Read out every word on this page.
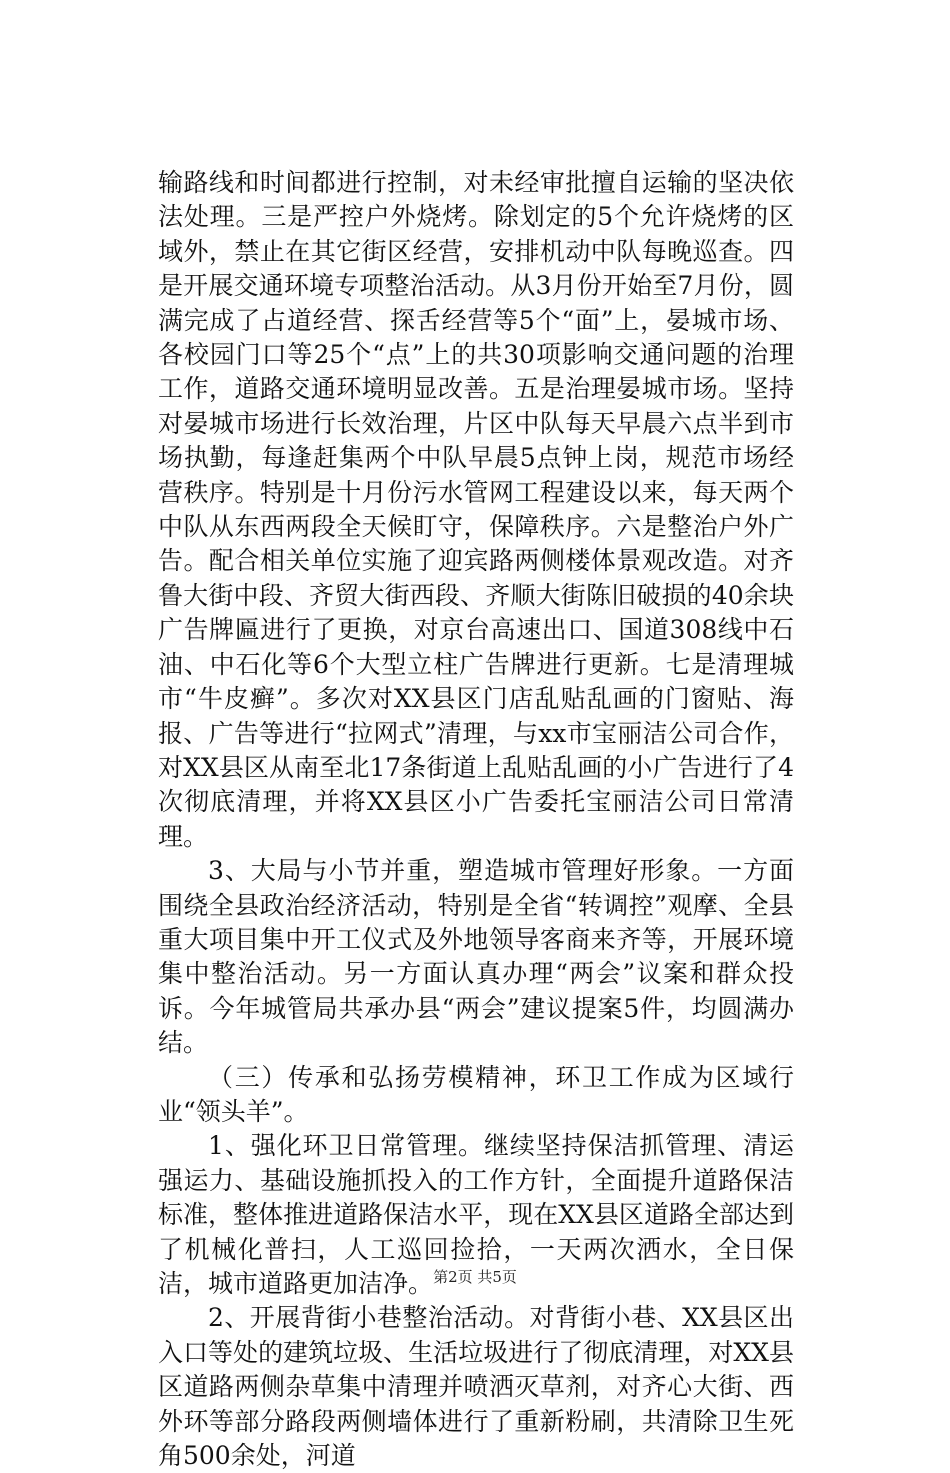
输路线和时间都进行控制，对未经审批擅自运输的坚决依法处理。三是严控户外烧烤。除划定的5个允许烧烤的区域外，禁止在其它街区经营，安排机动中队每晚巡查。四是开展交通环境专项整治活动。从3月份开始至7月份，圆满完成了占道经营、探舌经营等5个“面”上，晏城市场、各校园门口等25个“点”上的共30项影响交通问题的治理工作，道路交通环境明显改善。五是治理晏城市场。坚持对晏城市场进行长效治理，片区中队每天早晨六点半到市场执勤，每逢赶集两个中队早晨5点钟上岗，规范市场经营秩序。特别是十月份污水管网工程建设以来，每天两个中队从东西两段全天候盯守，保障秩序。六是整治户外广告。配合相关单位实施了迎宾路两侧楼体景观改造。对齐鲁大街中段、齐贸大街西段、齐顺大街陈旧破损的40余块广告牌匾进行了更换，对京台高速出口、国道308线中石油、中石化等6个大型立柱广告牌进行更新。七是清理城市“牛皮癣”。多次对XX县区门店乱贴乱画的门窗贴、海报、广告等进行“拉网式”清理，与xx市宝丽洁公司合作，对XX县区从南至北17条街道上乱贴乱画的小广告进行了4次彻底清理，并将XX县区小广告委托宝丽洁公司日常清理。

3、大局与小节并重，塑造城市管理好形象。一方面围绕全县政治经济活动，特别是全省“转调控”观摩、全县重大项目集中开工仪式及外地领导客商来齐等，开展环境集中整治活动。另一方面认真办理“两会”议案和群众投诉。今年城管局共承办县“两会”建议提案5件，均圆满办结。

（三）传承和弘扬劳模精神，环卫工作成为区域行业“领头羊”。

1、强化环卫日常管理。继续坚持保洁抓管理、清运强运力、基础设施抓投入的工作方针，全面提升道路保洁标准，整体推进道路保洁水平，现在XX县区道路全部达到了机械化普扫，人工巡回捡拾，一天两次洒水，全日保洁，城市道路更加洁净。

2、开展背街小巷整治活动。对背街小巷、XX县区出入口等处的建筑垃圾、生活垃圾进行了彻底清理，对XX县区道路两侧杂草集中清理并喷洒灭草剂，对齐心大街、西外环等部分路段两侧墙体进行了重新粉刷，共清除卫生死角500余处，河道

第2页 共5页
